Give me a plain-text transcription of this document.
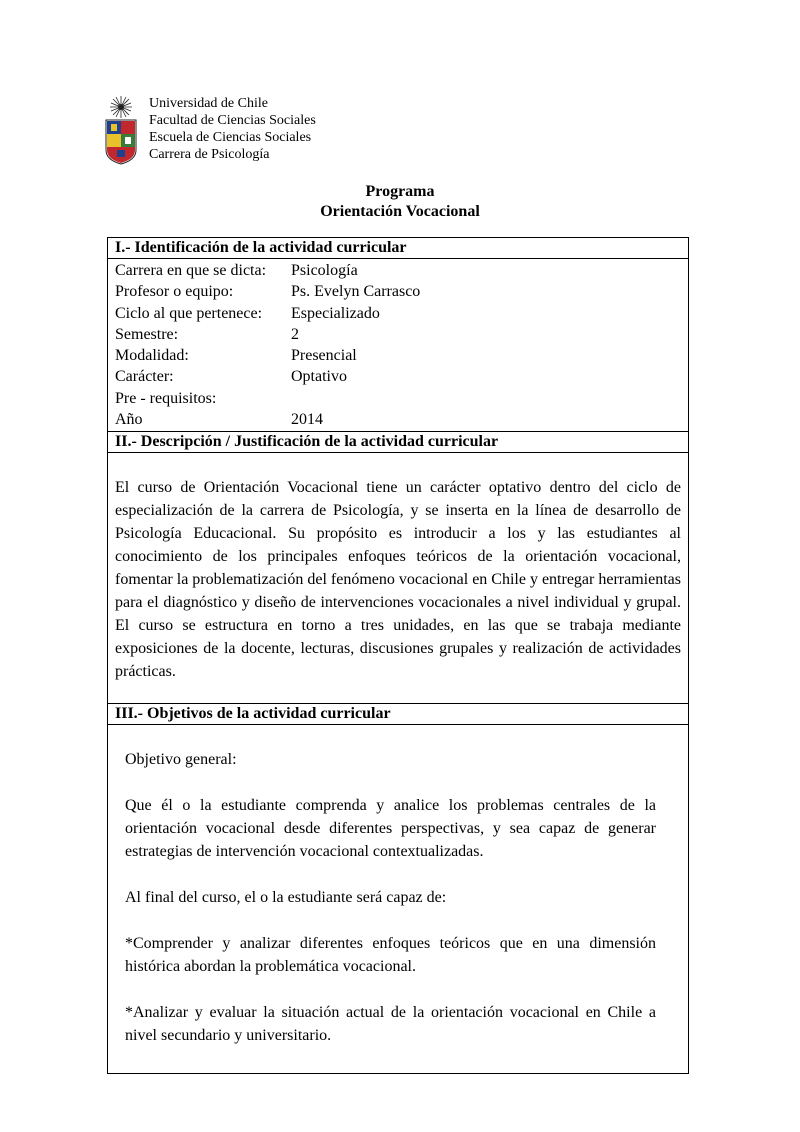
Universidad de Chile
Facultad de Ciencias Sociales
Escuela de Ciencias Sociales
Carrera de Psicología
Programa
Orientación Vocacional
I.- Identificación de la actividad curricular
Carrera en que se dicta:	Psicología
Profesor o equipo:	Ps. Evelyn Carrasco
Ciclo al que pertenece:	Especializado
Semestre:	2
Modalidad:	Presencial
Carácter:	Optativo
Pre - requisitos:
Año	2014
II.- Descripción / Justificación de la actividad curricular
El curso de Orientación Vocacional tiene un carácter optativo dentro del ciclo de especialización de la carrera de Psicología, y se inserta en la línea de desarrollo de Psicología Educacional. Su propósito es introducir a los y las estudiantes al conocimiento de los principales enfoques teóricos de la orientación vocacional, fomentar la problematización del fenómeno vocacional en Chile y entregar herramientas para el diagnóstico y diseño de intervenciones vocacionales a nivel individual y grupal. El curso se estructura en torno a tres unidades, en las que se trabaja mediante exposiciones de la docente, lecturas, discusiones grupales y realización de actividades prácticas.
III.- Objetivos de la actividad curricular

Objetivo general:

Que él o la estudiante comprenda y analice los problemas centrales de la orientación vocacional desde diferentes perspectivas, y sea capaz de generar estrategias de intervención vocacional contextualizadas.

Al final del curso, el o la estudiante será capaz de:

*Comprender y analizar diferentes enfoques teóricos que en una dimensión histórica abordan la problemática vocacional.

*Analizar y evaluar la situación actual de la orientación vocacional en Chile a nivel secundario y universitario.
